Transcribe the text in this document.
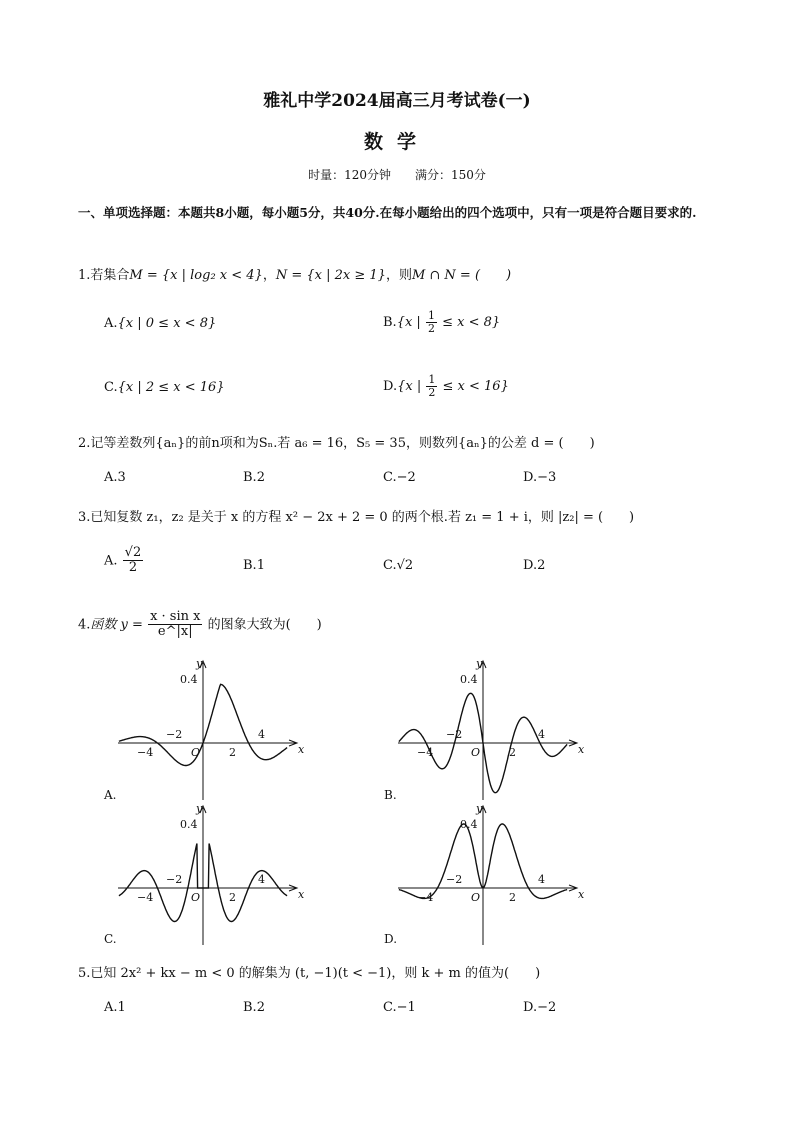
雅礼中学2024届高三月考试卷(一)
数学
时量：120分钟　　满分：150分
一、单项选择题：本题共8小题，每小题5分，共40分.在每小题给出的四个选项中，只有一项是符合题目要求的.
1.若集合M = {x | log₂ x < 4}，N = {x | 2x ≥ 1}，则M ∩ N = (　　)
A.{x | 0 ≤ x < 8}	B.{x | $\frac{1}{2} \le x < 8$}
C.{x | 2 ≤ x < 16}	D.{x | $\frac{1}{2} \le x < 16$}
2.记等差数列{aₙ}的前n项和为Sₙ.若 a₆ = 16，S₅ = 35，则数列{aₙ}的公差 d = (　　)
A.3	B.2	C.−2	D.−3
3.已知复数 z₁，z₂ 是关于 x 的方程 x² − 2x + 2 = 0 的两个根.若 z₁ = 1 + i，则 |z₂| = (　　)
A. $\frac{√2}{2}$	B.1	C.√2	D.2
4.函数 $y = \frac{\text{x · sin x}}{e\^{}|x|}$ 的图象大致为(　　)
y
x
O
0.4
−4
−2
2
4
y
x
O
0.4
−4
−2
2
4
y
x
O
0.4
−4
−2
2
4
y
x
O
0.4
−4
−2
2
4
A.	B.
C.	D.
5.已知 2x² + kx − m < 0 的解集为 (t, −1)(t < −1)，则 k + m 的值为(　　)
A.1	B.2	C.−1	D.−2
